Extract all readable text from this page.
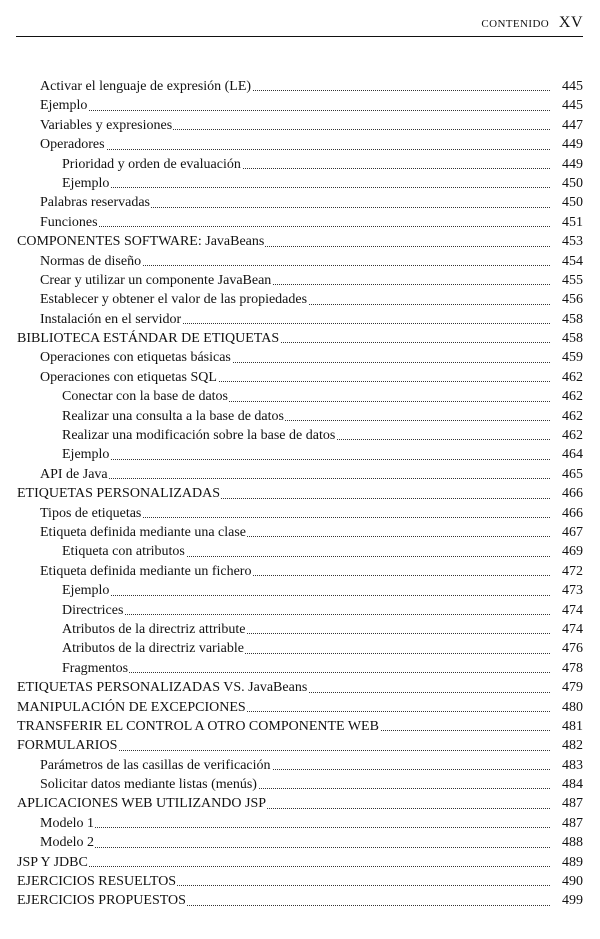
CONTENIDO XV
Activar el lenguaje de expresión (LE)	445
Ejemplo	445
Variables y expresiones	447
Operadores	449
Prioridad y orden de evaluación	449
Ejemplo	450
Palabras reservadas	450
Funciones	451
COMPONENTES SOFTWARE: JavaBeans	453
Normas de diseño	454
Crear y utilizar un componente JavaBean	455
Establecer y obtener el valor de las propiedades	456
Instalación en el servidor	458
BIBLIOTECA ESTÁNDAR DE ETIQUETAS	458
Operaciones con etiquetas básicas	459
Operaciones con etiquetas SQL	462
Conectar con la base de datos	462
Realizar una consulta a la base de datos	462
Realizar una modificación sobre la base de datos	462
Ejemplo	464
API de Java	465
ETIQUETAS PERSONALIZADAS	466
Tipos de etiquetas	466
Etiqueta definida mediante una clase	467
Etiqueta con atributos	469
Etiqueta definida mediante un fichero	472
Ejemplo	473
Directrices	474
Atributos de la directriz attribute	474
Atributos de la directriz variable	476
Fragmentos	478
ETIQUETAS PERSONALIZADAS VS. JavaBeans	479
MANIPULACIÓN DE EXCEPCIONES	480
TRANSFERIR EL CONTROL A OTRO COMPONENTE WEB	481
FORMULARIOS	482
Parámetros de las casillas de verificación	483
Solicitar datos mediante listas (menús)	484
APLICACIONES WEB UTILIZANDO JSP	487
Modelo 1	487
Modelo 2	488
JSP Y JDBC	489
EJERCICIOS RESUELTOS	490
EJERCICIOS PROPUESTOS	499
